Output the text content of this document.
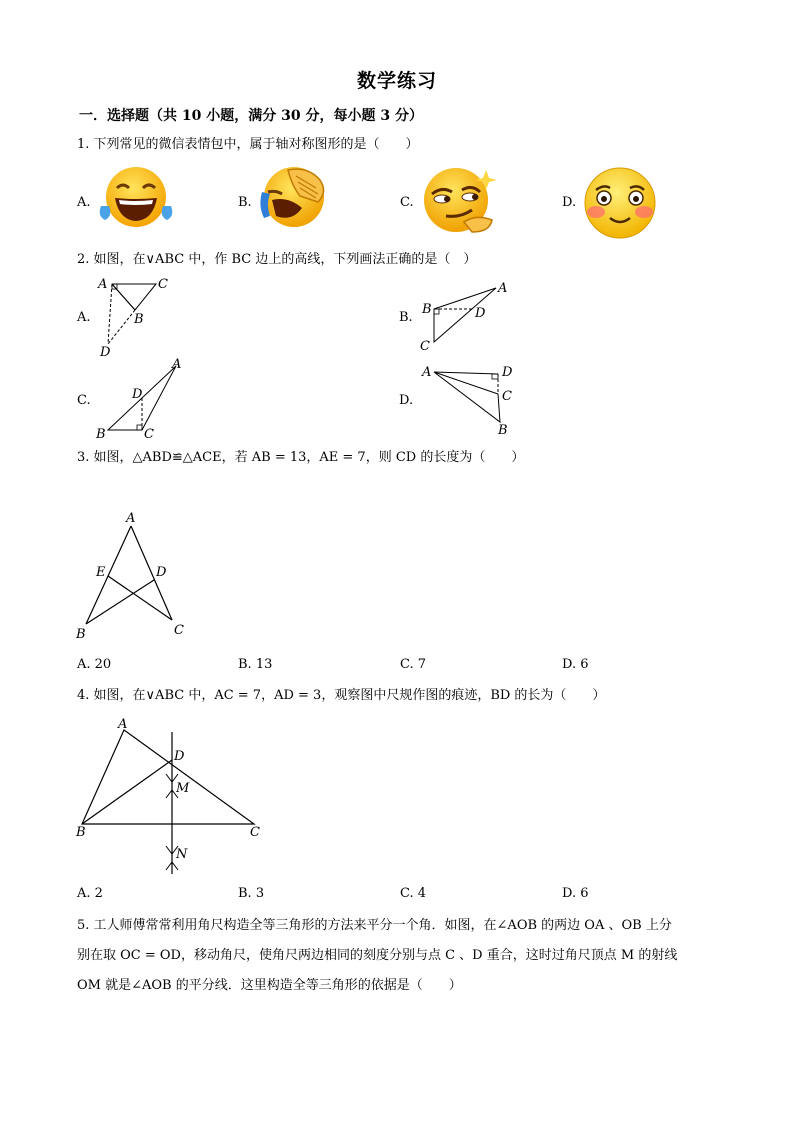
数学练习
一．选择题（共 10 小题，满分 30 分，每小题 3 分）
1. 下列常见的微信表情包中，属于轴对称图形的是（　　）
A.	B.	C.	D.
2. 如图，在∨ABC 中，作 BC 边上的高线，下列画法正确的是（　）
A.
A	C
B
D
B.
A
B	D
C
C.
A
D
B	C
D.
A	D
C
B
3. 如图，△ABD≌△ACE，若 AB = 13，AE = 7，则 CD 的长度为（　　）
A
E	D
B	C
A. 20	B. 13	C. 7	D. 6
4. 如图，在∨ABC 中，AC = 7，AD = 3，观察图中尺规作图的痕迹，BD 的长为（　　）
A
D
M
B	C
N
A. 2	B. 3	C. 4	D. 6
5. 工人师傅常常利用角尺构造全等三角形的方法来平分一个角．如图，在∠AOB 的两边 OA 、OB 上分
别在取 OC = OD，移动角尺，使角尺两边相同的刻度分别与点 C 、D 重合，这时过角尺顶点 M 的射线
OM 就是∠AOB 的平分线．这里构造全等三角形的依据是（　　）
